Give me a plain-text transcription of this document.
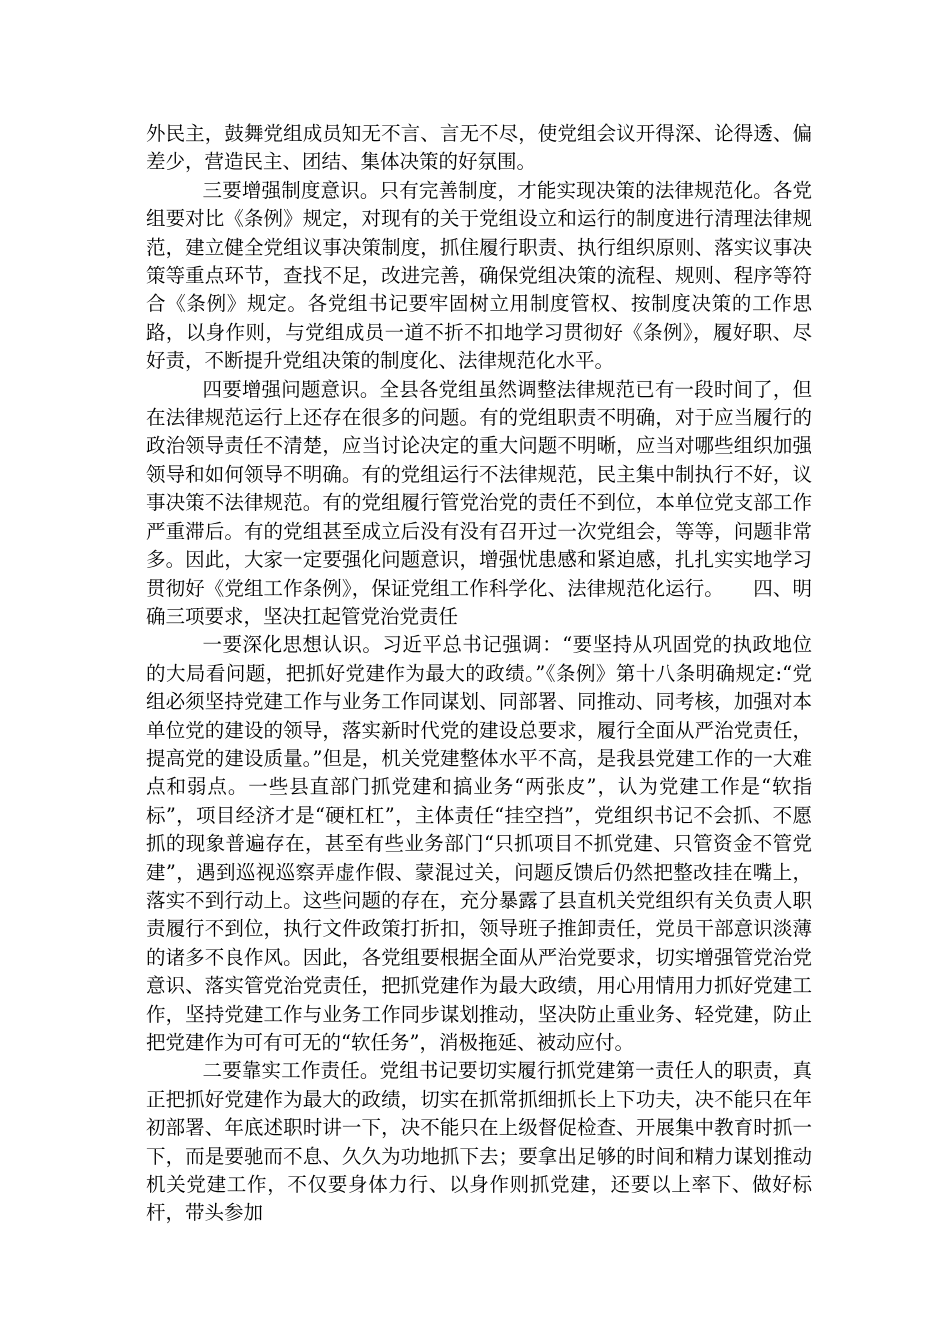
外民主，鼓舞党组成员知无不言、言无不尽，使党组会议开得深、论得透、偏差少，营造民主、团结、集体决策的好氛围。

三要增强制度意识。只有完善制度，才能实现决策的法律规范化。各党组要对比《条例》规定，对现有的关于党组设立和运行的制度进行清理法律规范，建立健全党组议事决策制度，抓住履行职责、执行组织原则、落实议事决策等重点环节，查找不足，改进完善，确保党组决策的流程、规则、程序等符合《条例》规定。各党组书记要牢固树立用制度管权、按制度决策的工作思路，以身作则，与党组成员一道不折不扣地学习贯彻好《条例》，履好职、尽好责，不断提升党组决策的制度化、法律规范化水平。

四要增强问题意识。全县各党组虽然调整法律规范已有一段时间了，但在法律规范运行上还存在很多的问题。有的党组职责不明确，对于应当履行的政治领导责任不清楚，应当讨论决定的重大问题不明晰，应当对哪些组织加强领导和如何领导不明确。有的党组运行不法律规范，民主集中制执行不好，议事决策不法律规范。有的党组履行管党治党的责任不到位，本单位党支部工作严重滞后。有的党组甚至成立后没有没有召开过一次党组会，等等，问题非常多。因此，大家一定要强化问题意识，增强忧患感和紧迫感，扎扎实实地学习贯彻好《党组工作条例》，保证党组工作科学化、法律规范化运行。　　四、明确三项要求，坚决扛起管党治党责任

一要深化思想认识。习近平总书记强调：“要坚持从巩固党的执政地位的大局看问题，把抓好党建作为最大的政绩。”《条例》第十八条明确规定:“党组必须坚持党建工作与业务工作同谋划、同部署、同推动、同考核，加强对本单位党的建设的领导，落实新时代党的建设总要求，履行全面从严治党责任，提高党的建设质量。”但是，机关党建整体水平不高，是我县党建工作的一大难点和弱点。一些县直部门抓党建和搞业务“两张皮”，认为党建工作是“软指标”，项目经济才是“硬杠杠”，主体责任“挂空挡”，党组织书记不会抓、不愿抓的现象普遍存在，甚至有些业务部门“只抓项目不抓党建、只管资金不管党建”，遇到巡视巡察弄虚作假、蒙混过关，问题反馈后仍然把整改挂在嘴上，落实不到行动上。这些问题的存在，充分暴露了县直机关党组织有关负责人职责履行不到位，执行文件政策打折扣，领导班子推卸责任，党员干部意识淡薄的诸多不良作风。因此，各党组要根据全面从严治党要求，切实增强管党治党意识、落实管党治党责任，把抓党建作为最大政绩，用心用情用力抓好党建工作，坚持党建工作与业务工作同步谋划推动，坚决防止重业务、轻党建，防止把党建作为可有可无的“软任务”，消极拖延、被动应付。

二要靠实工作责任。党组书记要切实履行抓党建第一责任人的职责，真正把抓好党建作为最大的政绩，切实在抓常抓细抓长上下功夫，决不能只在年初部署、年底述职时讲一下，决不能只在上级督促检查、开展集中教育时抓一下，而是要驰而不息、久久为功地抓下去；要拿出足够的时间和精力谋划推动机关党建工作，不仅要身体力行、以身作则抓党建，还要以上率下、做好标杆，带头参加
